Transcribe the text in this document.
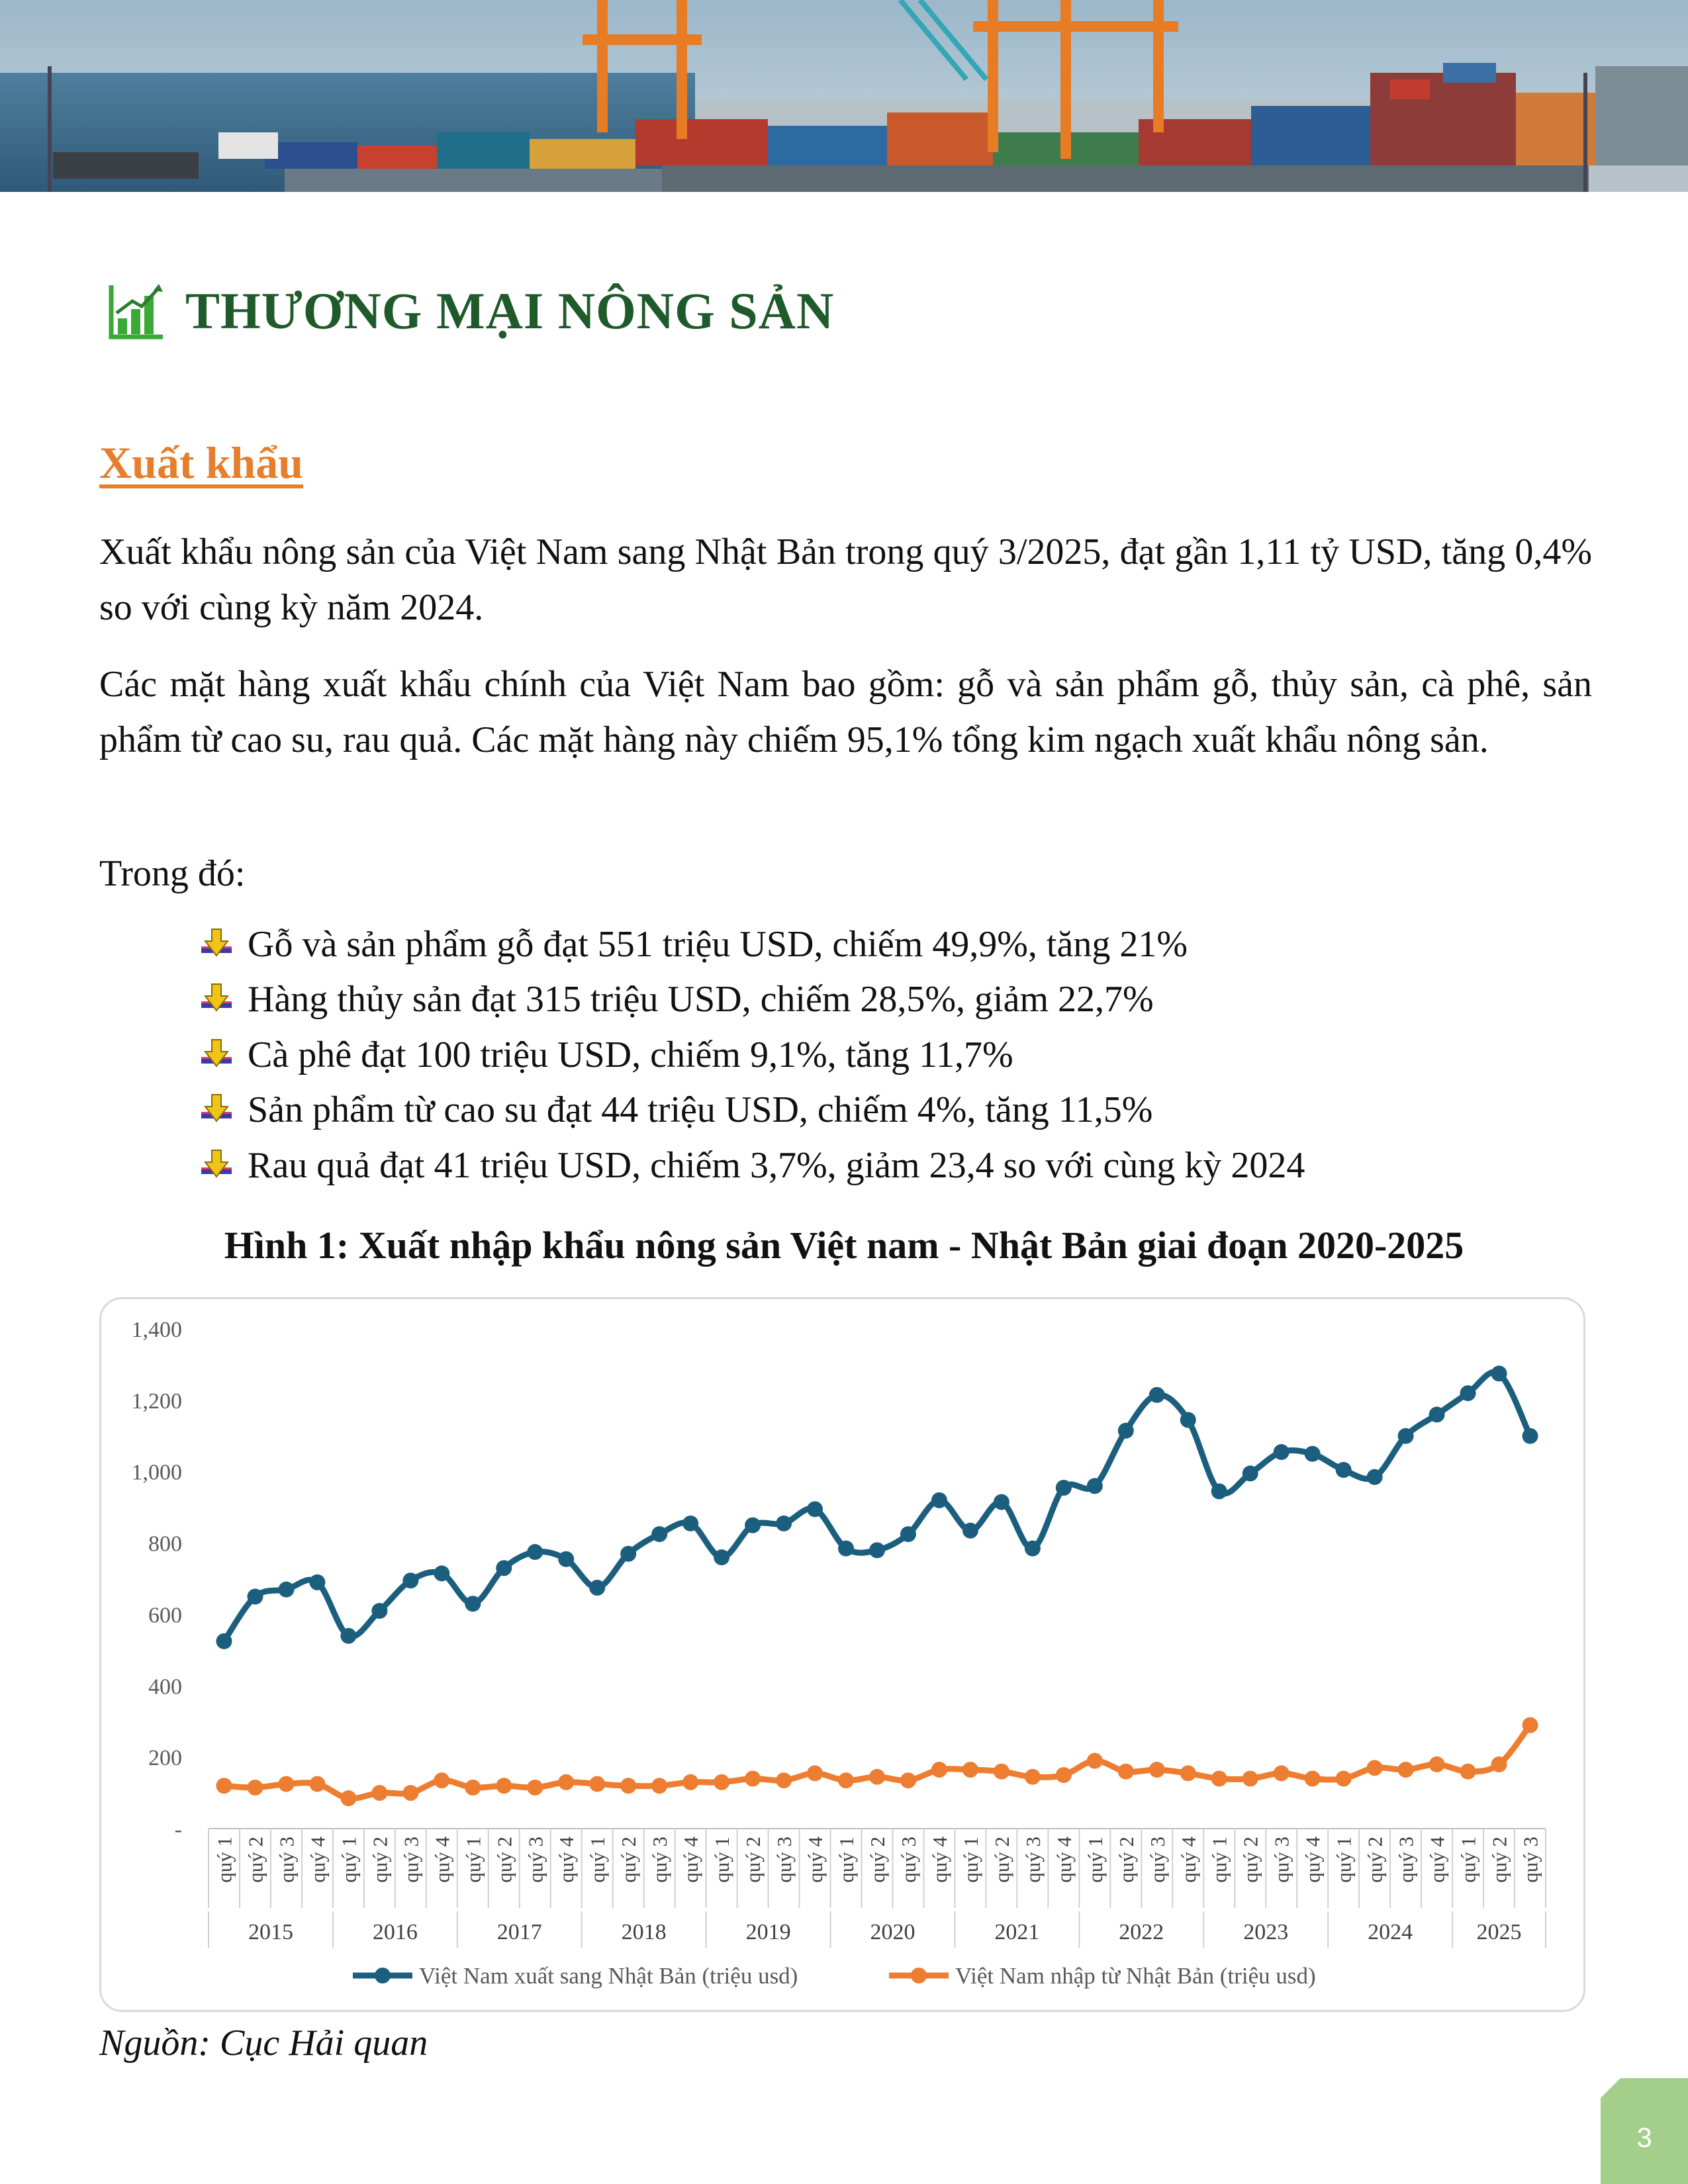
THƯƠNG MẠI NÔNG SẢN
Xuất khẩu

Xuất khẩu nông sản của Việt Nam sang Nhật Bản trong quý 3/2025, đạt gần 1,11 tỷ USD, tăng 0,4% so với cùng kỳ năm 2024.

Các mặt hàng xuất khẩu chính của Việt Nam bao gồm: gỗ và sản phẩm gỗ, thủy sản, cà phê, sản phẩm từ cao su, rau quả. Các mặt hàng này chiếm 95,1% tổng kim ngạch xuất khẩu nông sản.

Trong đó:

Gỗ và sản phẩm gỗ đạt 551 triệu USD, chiếm 49,9%, tăng 21%
Hàng thủy sản đạt 315 triệu USD, chiếm 28,5%, giảm 22,7%
Cà phê đạt 100 triệu USD, chiếm 9,1%, tăng 11,7%
Sản phẩm từ cao su đạt 44 triệu USD, chiếm 4%, tăng 11,5%
Rau quả đạt 41 triệu USD, chiếm 3,7%, giảm 23,4 so với cùng kỳ 2024
Hình 1: Xuất nhập khẩu nông sản Việt nam - Nhật Bản giai đoạn 2020-2025
-
200
400
600
800
1,000
1,200
1,400
quý 1 quý 2 quý 3 quý 4 quý 1 quý 2 quý 3 quý 4 quý 1 quý 2 quý 3 quý 4 quý 1 quý 2 quý 3 quý 4 quý 1 quý 2 quý 3 quý 4 quý 1 quý 2 quý 3 quý 4 quý 1 quý 2 quý 3 quý 4 quý 1 quý 2 quý 3 quý 4 quý 1 quý 2 quý 3 quý 4 quý 1 quý 2 quý 3 quý 4 quý 1 quý 2 quý 3
2015	2016	2017	2018	2019	2020	2021	2022	2023	2024	2025
Việt Nam xuất sang Nhật Bản (triệu usd)	Việt Nam nhập từ Nhật Bản (triệu usd)
Nguồn: Cục Hải quan
3
